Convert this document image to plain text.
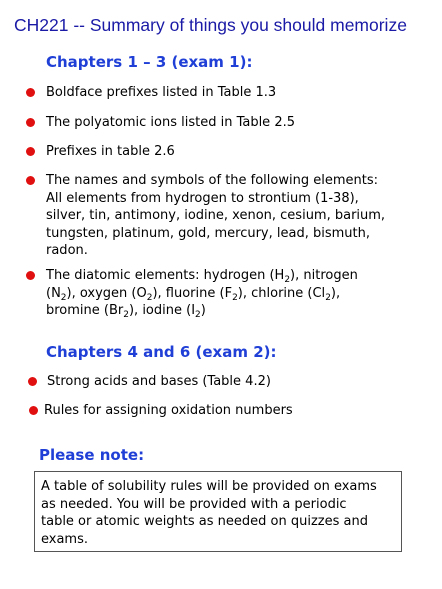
CH221 -- Summary of things you should memorize
Chapters 1 – 3 (exam 1):
Boldface prefixes listed in Table 1.3
The polyatomic ions listed in Table 2.5
Prefixes in table 2.6
The names and symbols of the following elements:
All elements from hydrogen to strontium (1-38),
silver, tin, antimony, iodine, xenon, cesium, barium,
tungsten, platinum, gold, mercury, lead, bismuth,
radon.
The diatomic elements: hydrogen $(H_2)$, nitrogen
$(N_2)$, oxygen $(O_2)$, fluorine $(F_2)$, chlorine $(Cl_2)$,
bromine $(Br_2)$, iodine $(I_2)$
Chapters 4 and 6 (exam 2):
Strong acids and bases (Table 4.2)
Rules for assigning oxidation numbers
Please note:
A table of solubility rules will be provided on exams
as needed. You will be provided with a periodic
table or atomic weights as needed on quizzes and
exams.
